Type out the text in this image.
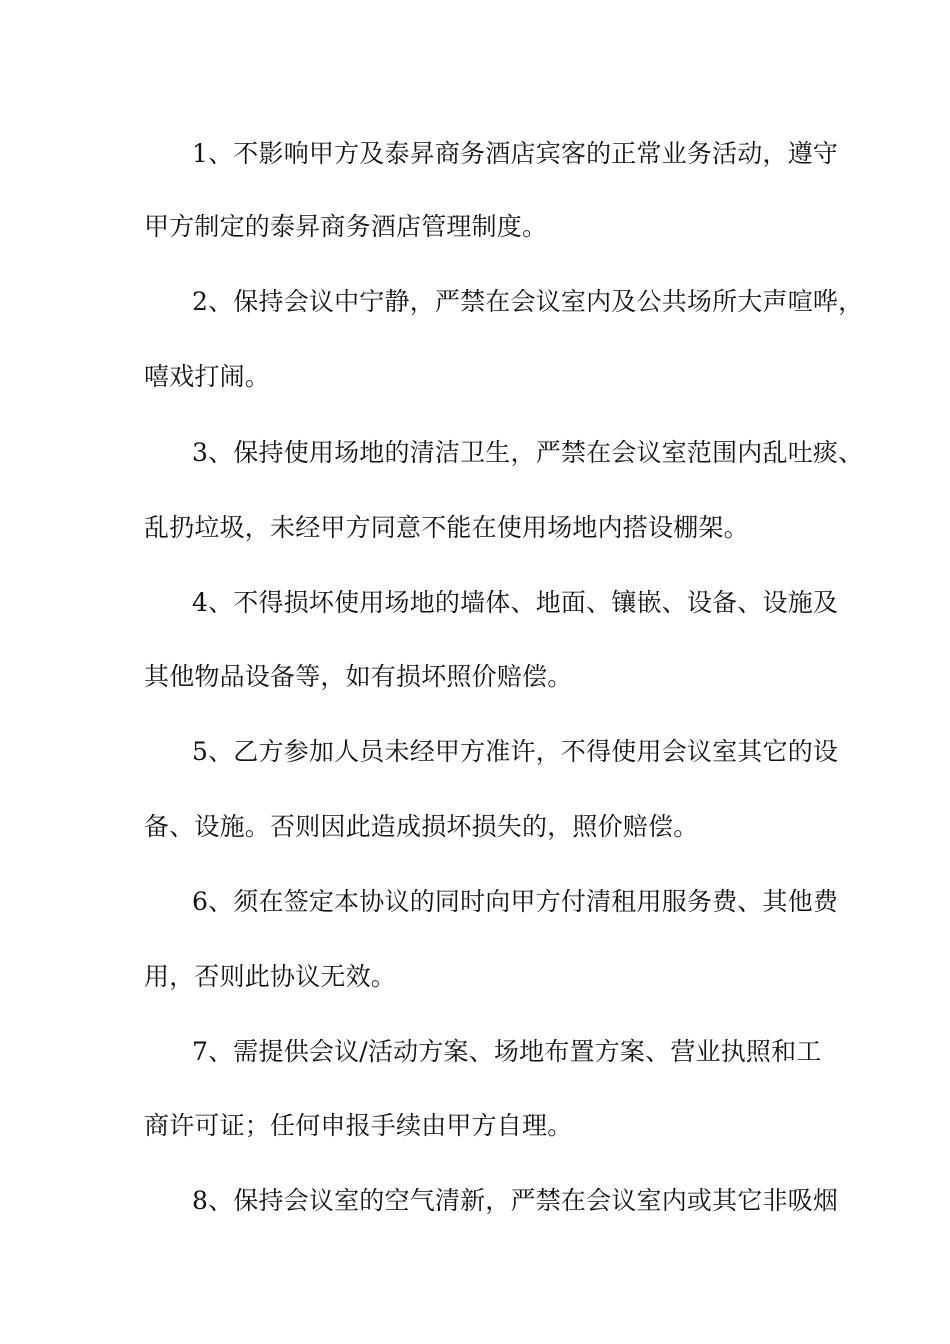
1、不影响甲方及泰昇商务酒店宾客的正常业务活动，遵守
甲方制定的泰昇商务酒店管理制度。
2、保持会议中宁静，严禁在会议室内及公共场所大声喧哗，
嘻戏打闹。
3、保持使用场地的清洁卫生，严禁在会议室范围内乱吐痰、
乱扔垃圾，未经甲方同意不能在使用场地内搭设棚架。
4、不得损坏使用场地的墙体、地面、镶嵌、设备、设施及
其他物品设备等，如有损坏照价赔偿。
5、乙方参加人员未经甲方准许，不得使用会议室其它的设
备、设施。否则因此造成损坏损失的，照价赔偿。
6、须在签定本协议的同时向甲方付清租用服务费、其他费
用，否则此协议无效。
7、需提供会议/活动方案、场地布置方案、营业执照和工
商许可证；任何申报手续由甲方自理。
8、保持会议室的空气清新，严禁在会议室内或其它非吸烟
